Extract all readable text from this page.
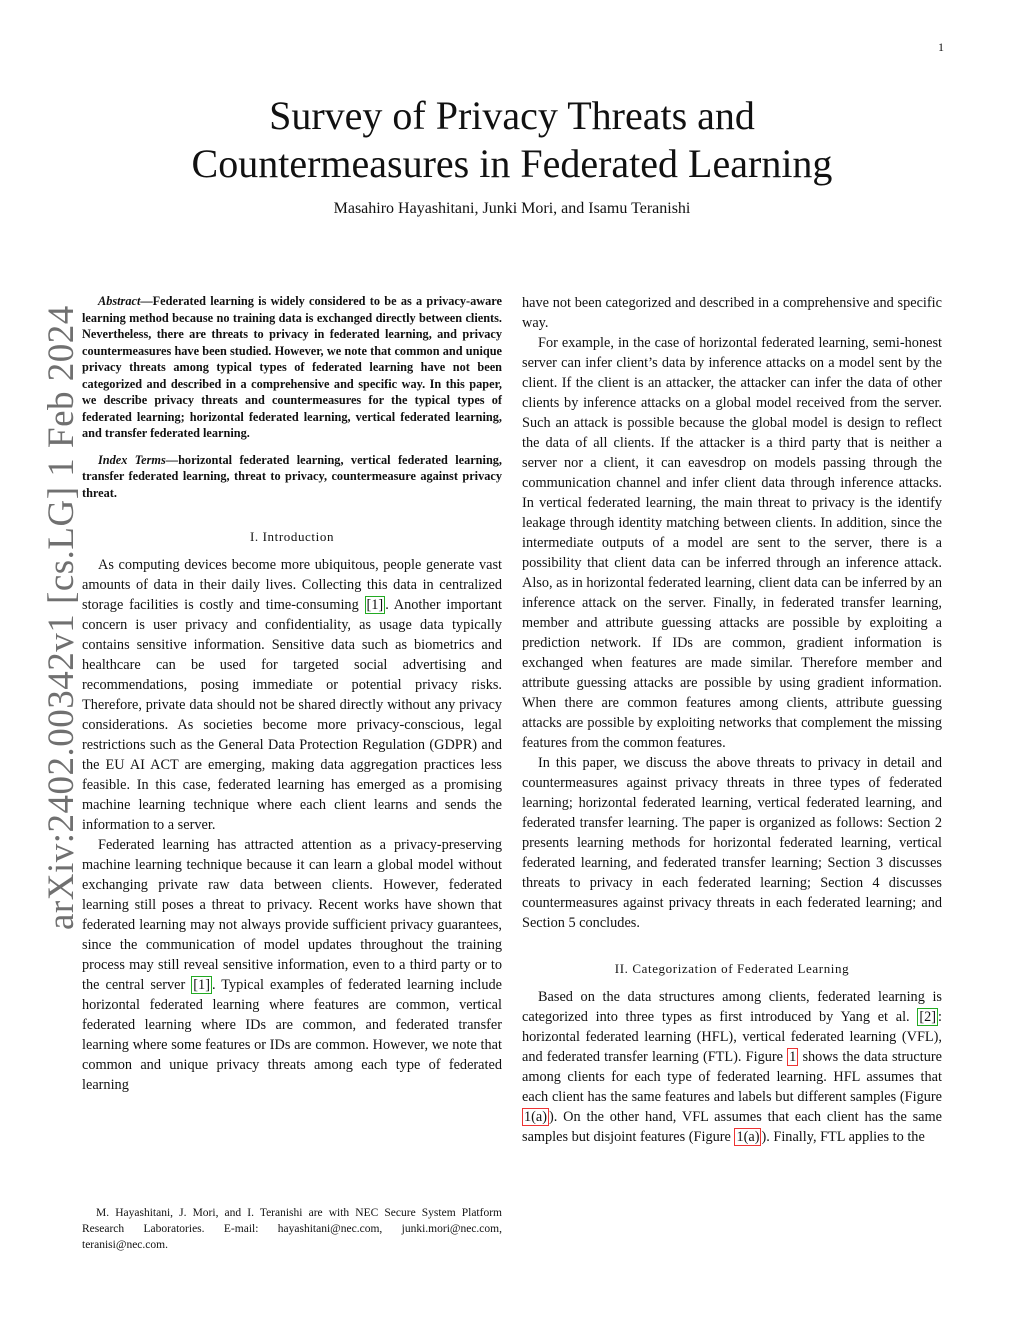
1
arXiv:2402.00342v1 [cs.LG] 1 Feb 2024
Survey of Privacy Threats and
Countermeasures in Federated Learning
Masahiro Hayashitani, Junki Mori, and Isamu Teranishi

Abstract—Federated learning is widely considered to be as a privacy-aware learning method because no training data is exchanged directly between clients. Nevertheless, there are threats to privacy in federated learning, and privacy countermeasures have been studied. However, we note that common and unique privacy threats among typical types of federated learning have not been categorized and described in a comprehensive and specific way. In this paper, we describe privacy threats and countermeasures for the typical types of federated learning; horizontal federated learning, vertical federated learning, and transfer federated learning.

Index Terms—horizontal federated learning, vertical federated learning, transfer federated learning, threat to privacy, countermeasure against privacy threat.

I. Introduction

As computing devices become more ubiquitous, people generate vast amounts of data in their daily lives. Collecting this data in centralized storage facilities is costly and time-consuming [1] . Another important concern is user privacy and confidentiality, as usage data typically contains sensitive information. Sensitive data such as biometrics and healthcare can be used for targeted social advertising and recommendations, posing immediate or potential privacy risks. Therefore, private data should not be shared directly without any privacy considerations. As societies become more privacy-conscious, legal restrictions such as the General Data Protection Regulation (GDPR) and the EU AI ACT are emerging, making data aggregation practices less feasible. In this case, federated learning has emerged as a promising machine learning technique where each client learns and sends the information to a server.

Federated learning has attracted attention as a privacy-preserving machine learning technique because it can learn a global model without exchanging private raw data between clients. However, federated learning still poses a threat to privacy. Recent works have shown that federated learning may not always provide sufficient privacy guarantees, since the communication of model updates throughout the training process may still reveal sensitive information, even to a third party or to the central server [1] . Typical examples of federated learning include horizontal federated learning where features are common, vertical federated learning where IDs are common, and federated transfer learning where some features or IDs are common. However, we note that common and unique privacy threats among each type of federated learning

M. Hayashitani, J. Mori, and I. Teranishi are with NEC Secure System Platform Research Laboratories. E-mail: hayashitani@nec.com, junki.mori@nec.com, teranisi@nec.com.

have not been categorized and described in a comprehensive and specific way.

For example, in the case of horizontal federated learning, semi-honest server can infer client’s data by inference attacks on a model sent by the client. If the client is an attacker, the attacker can infer the data of other clients by inference attacks on a global model received from the server. Such an attack is possible because the global model is design to reflect the data of all clients. If the attacker is a third party that is neither a server nor a client, it can eavesdrop on models passing through the communication channel and infer client data through inference attacks. In vertical federated learning, the main threat to privacy is the identify leakage through identity matching between clients. In addition, since the intermediate outputs of a model are sent to the server, there is a possibility that client data can be inferred through an inference attack. Also, as in horizontal federated learning, client data can be inferred by an inference attack on the server. Finally, in federated transfer learning, member and attribute guessing attacks are possible by exploiting a prediction network. If IDs are common, gradient information is exchanged when features are made similar. Therefore member and attribute guessing attacks are possible by using gradient information. When there are common features among clients, attribute guessing attacks are possible by exploiting networks that complement the missing features from the common features.

In this paper, we discuss the above threats to privacy in detail and countermeasures against privacy threats in three types of federated learning; horizontal federated learning, vertical federated learning, and federated transfer learning. The paper is organized as follows: Section 2 presents learning methods for horizontal federated learning, vertical federated learning, and federated transfer learning; Section 3 discusses threats to privacy in each federated learning; Section 4 discusses countermeasures against privacy threats in each federated learning; and Section 5 concludes.

II. Categorization of Federated Learning

Based on the data structures among clients, federated learning is categorized into three types as first introduced by Yang et al. [2] : horizontal federated learning (HFL), vertical federated learning (VFL), and federated transfer learning (FTL). Figure 1 shows the data structure among clients for each type of federated learning. HFL assumes that each client has the same features and labels but different samples (Figure 1(a) ). On the other hand, VFL assumes that each client has the same samples but disjoint features (Figure 1(a) ). Finally, FTL applies to the
